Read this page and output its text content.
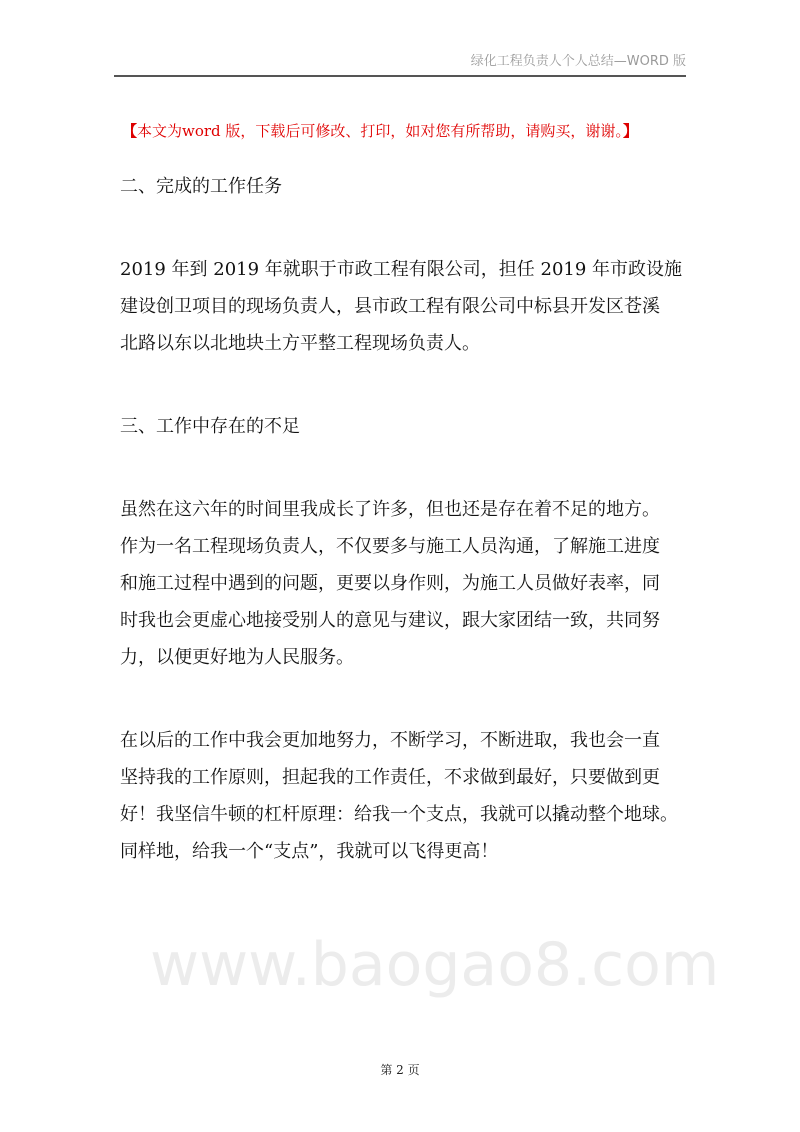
绿化工程负责人个人总结—WORD 版
【本文为word 版，下载后可修改、打印，如对您有所帮助，请购买，谢谢。】
二、完成的工作任务
2019 年到 2019 年就职于市政工程有限公司，担任 2019 年市政设施
建设创卫项目的现场负责人，县市政工程有限公司中标县开发区苍溪
北路以东以北地块土方平整工程现场负责人。
三、工作中存在的不足
虽然在这六年的时间里我成长了许多，但也还是存在着不足的地方。
作为一名工程现场负责人，不仅要多与施工人员沟通，了解施工进度
和施工过程中遇到的问题，更要以身作则，为施工人员做好表率，同
时我也会更虚心地接受别人的意见与建议，跟大家团结一致，共同努
力，以便更好地为人民服务。
在以后的工作中我会更加地努力，不断学习，不断进取，我也会一直
坚持我的工作原则，担起我的工作责任，不求做到最好，只要做到更
好！我坚信牛顿的杠杆原理：给我一个支点，我就可以撬动整个地球。
同样地，给我一个“支点”，我就可以飞得更高！
www.baogao8.com
第 2 页
